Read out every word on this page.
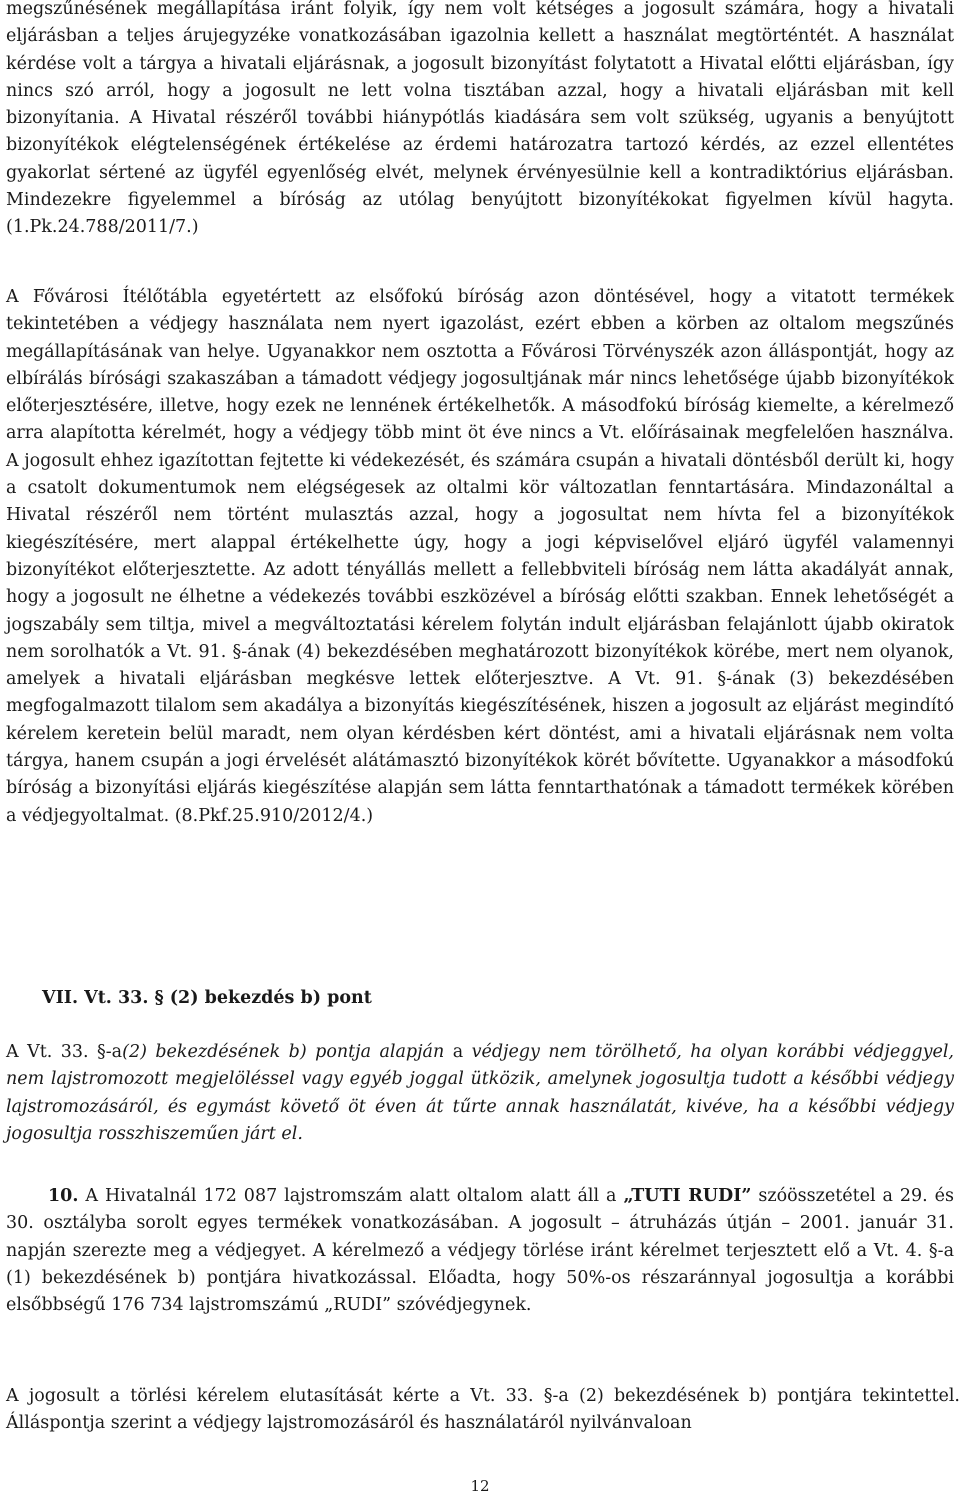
megszűnésének megállapítása iránt folyik, így nem volt kétséges a jogosult számára, hogy a hivatali eljárásban a teljes árujegyzéke vonatkozásában igazolnia kellett a használat megtörténtét. A használat kérdése volt a tárgya a hivatali eljárásnak, a jogosult bizonyítást folytatott a Hivatal előtti eljárásban, így nincs szó arról, hogy a jogosult ne lett volna tisztában azzal, hogy a hivatali eljárásban mit kell bizonyítania. A Hivatal részéről további hiánypótlás kiadására sem volt szükség, ugyanis a benyújtott bizonyítékok elégtelenségének értékelése az érdemi határozatra tartozó kérdés, az ezzel ellentétes gyakorlat sértené az ügyfél egyenlőség elvét, melynek érvényesülnie kell a kontradiktórius eljárásban. Mindezekre figyelemmel a bíróság az utólag benyújtott bizonyítékokat figyelmen kívül hagyta. (1.Pk.24.788/2011/7.)

A Fővárosi Ítélőtábla egyetértett az elsőfokú bíróság azon döntésével, hogy a vitatott termékek tekintetében a védjegy használata nem nyert igazolást, ezért ebben a körben az oltalom megszűnés megállapításának van helye. Ugyanakkor nem osztotta a Fővárosi Törvényszék azon álláspontját, hogy az elbírálás bírósági szakaszában a támadott védjegy jogosultjának már nincs lehetősége újabb bizonyítékok előterjesztésére, illetve, hogy ezek ne lennének értékelhetők. A másodfokú bíróság kiemelte, a kérelmező arra alapította kérelmét, hogy a védjegy több mint öt éve nincs a Vt. előírásainak megfelelően használva. A jogosult ehhez igazítottan fejtette ki védekezését, és számára csupán a hivatali döntésből derült ki, hogy a csatolt dokumentumok nem elégségesek az oltalmi kör változatlan fenntartására. Mindazonáltal a Hivatal részéről nem történt mulasztás azzal, hogy a jogosultat nem hívta fel a bizonyítékok kiegészítésére, mert alappal értékelhette úgy, hogy a jogi képviselővel eljáró ügyfél valamennyi bizonyítékot előterjesztette. Az adott tényállás mellett a fellebbviteli bíróság nem látta akadályát annak, hogy a jogosult ne élhetne a védekezés további eszközével a bíróság előtti szakban. Ennek lehetőségét a jogszabály sem tiltja, mivel a megváltoztatási kérelem folytán indult eljárásban felajánlott újabb okiratok nem sorolhatók a Vt. 91. §-ának (4) bekezdésében meghatározott bizonyítékok körébe, mert nem olyanok, amelyek a hivatali eljárásban megkésve lettek előterjesztve. A Vt. 91. §-ának (3) bekezdésében megfogalmazott tilalom sem akadálya a bizonyítás kiegészítésének, hiszen a jogosult az eljárást megindító kérelem keretein belül maradt, nem olyan kérdésben kért döntést, ami a hivatali eljárásnak nem volta tárgya, hanem csupán a jogi érvelését alátámasztó bizonyítékok körét bővítette. Ugyanakkor a másodfokú bíróság a bizonyítási eljárás kiegészítése alapján sem látta fenntarthatónak a támadott termékek körében a védjegyoltalmat. (8.Pkf.25.910/2012/4.)

VII. Vt. 33. § (2) bekezdés b) pont

A Vt. 33. §-a(2) bekezdésének b) pontja alapján a védjegy nem törölhető, ha olyan korábbi védjeggyel, nem lajstromozott megjelöléssel vagy egyéb joggal ütközik, amelynek jogosultja tudott a későbbi védjegy lajstromozásáról, és egymást követő öt éven át tűrte annak használatát, kivéve, ha a későbbi védjegy jogosultja rosszhiszeműen járt el.

10. A Hivatalnál 172 087 lajstromszám alatt oltalom alatt áll a „TUTI RUDI” szóösszetétel a 29. és 30. osztályba sorolt egyes termékek vonatkozásában. A jogosult – átruházás útján – 2001. január 31. napján szerezte meg a védjegyet. A kérelmező a védjegy törlése iránt kérelmet terjesztett elő a Vt. 4. §-a (1) bekezdésének b) pontjára hivatkozással. Előadta, hogy 50%-os részaránnyal jogosultja a korábbi elsőbbségű 176 734 lajstromszámú „RUDI” szóvédjegynek.

A jogosult a törlési kérelem elutasítását kérte a Vt. 33. §-a (2) bekezdésének b) pontjára tekintettel. Álláspontja szerint a védjegy lajstromozásáról és használatáról nyilvánvaloan

12
